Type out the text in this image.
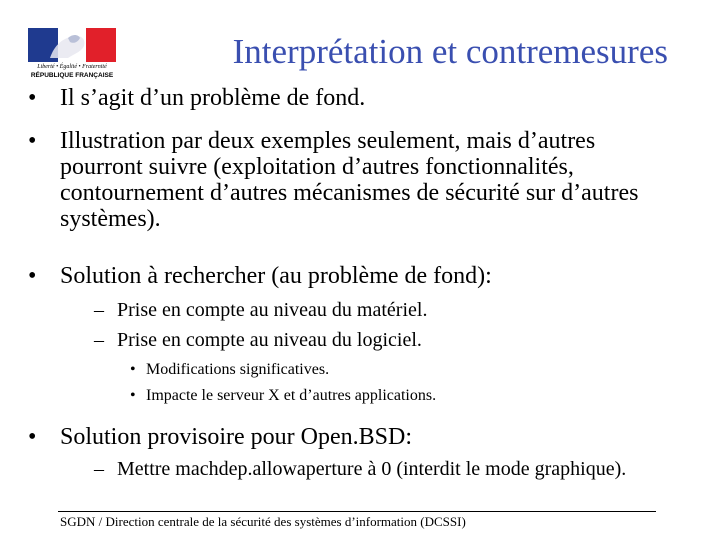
Liberté • Égalité • Fraternité
RÉPUBLIQUE FRANÇAISE
Interprétation et contremesures
• Il s’agit d’un problème de fond.
• Illustration par deux exemples seulement, mais d’autres pourront suivre (exploitation d’autres fonctionnalités, contournement d’autres mécanismes de sécurité sur d’autres systèmes).
• Solution à rechercher (au problème de fond):
– Prise en compte au niveau du matériel.
– Prise en compte au niveau du logiciel.
• Modifications significatives.
• Impacte le serveur X et d’autres applications.
• Solution provisoire pour Open.BSD:
– Mettre machdep.allowaperture à 0 (interdit le mode graphique).
SGDN / Direction centrale de la sécurité des systèmes d’information (DCSSI)
